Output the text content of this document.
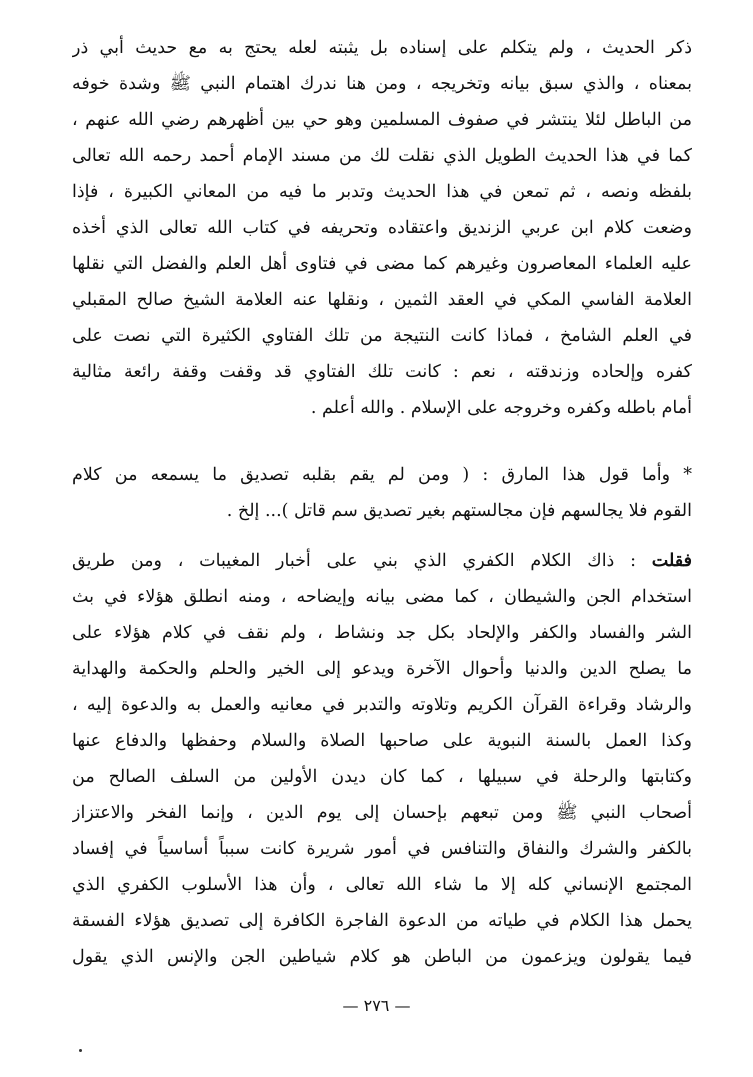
ذكر الحديث ، ولم يتكلم على إسناده بل يثبته لعله يحتج به مع حديث أبي ذر
بمعناه ، والذي سبق بيانه وتخريجه ، ومن هنا ندرك اهتمام النبي ﷺ وشدة خوفه
من الباطل لئلا ينتشر في صفوف المسلمين وهو حي بين أظهرهم رضي الله عنهم ،
كما في هذا الحديث الطويل الذي نقلت لك من مسند الإمام أحمد رحمه الله تعالى
بلفظه ونصه ، ثم تمعن في هذا الحديث وتدبر ما فيه من المعاني الكبيرة ، فإذا
وضعت كلام ابن عربي الزنديق واعتقاده وتحريفه في كتاب الله تعالى الذي أخذه
عليه العلماء المعاصرون وغيرهم كما مضى في فتاوى أهل العلم والفضل التي نقلها
العلامة الفاسي المكي في العقد الثمين ، ونقلها عنه العلامة الشيخ صالح المقبلي
في العلم الشامخ ، فماذا كانت النتيجة من تلك الفتاوي الكثيرة التي نصت على
كفره وإلحاده وزندقته ، نعم : كانت تلك الفتاوي قد وقفت وقفة رائعة مثالية
أمام باطله وكفره وخروجه على الإسلام . والله أعلم .
* وأما قول هذا المارق : ( ومن لم يقم بقلبه تصديق ما يسمعه من كلام
القوم فلا يجالسهم فإن مجالستهم بغير تصديق سم قاتل )... إلخ .
فقلت : ذاك الكلام الكفري الذي بني على أخبار المغيبات ، ومن طريق
استخدام الجن والشيطان ، كما مضى بيانه وإيضاحه ، ومنه انطلق هؤلاء في بث
الشر والفساد والكفر والإلحاد بكل جد ونشاط ، ولم نقف في كلام هؤلاء على
ما يصلح الدين والدنيا وأحوال الآخرة ويدعو إلى الخير والحلم والحكمة والهداية
والرشاد وقراءة القرآن الكريم وتلاوته والتدبر في معانيه والعمل به والدعوة إليه ،
وكذا العمل بالسنة النبوية على صاحبها الصلاة والسلام وحفظها والدفاع عنها
وكتابتها والرحلة في سبيلها ، كما كان ديدن الأولين من السلف الصالح من
أصحاب النبي ﷺ ومن تبعهم بإحسان إلى يوم الدين ، وإنما الفخر والاعتزاز
بالكفر والشرك والنفاق والتنافس في أمور شريرة كانت سبباً أساسياً في إفساد
المجتمع الإنساني كله إلا ما شاء الله تعالى ، وأن هذا الأسلوب الكفري الذي
يحمل هذا الكلام في طياته من الدعوة الفاجرة الكافرة إلى تصديق هؤلاء الفسقة
فيما يقولون ويزعمون من الباطن هو كلام شياطين الجن والإنس الذي يقول
— ٢٧٦ —
